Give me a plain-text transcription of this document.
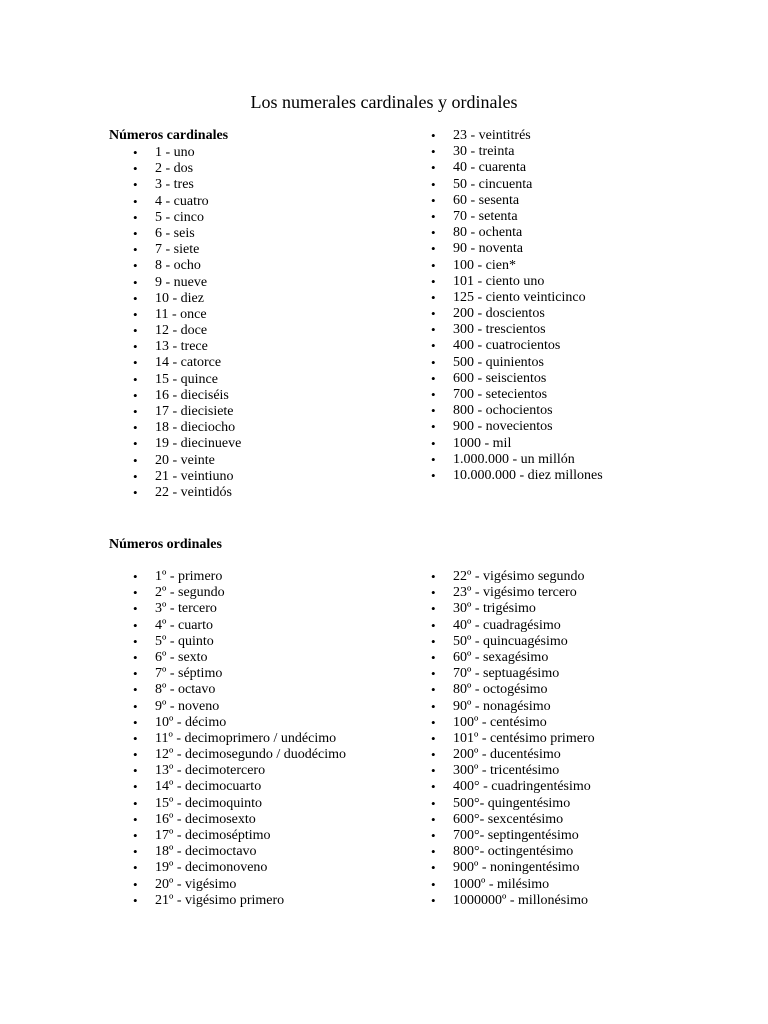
Los numerales cardinales y ordinales
Números cardinales
• 1 - uno
• 2 - dos
• 3 - tres
• 4 - cuatro
• 5 - cinco
• 6 - seis
• 7 - siete
• 8 - ocho
• 9 - nueve
• 10 - diez
• 11 - once
• 12 - doce
• 13 - trece
• 14 - catorce
• 15 - quince
• 16 - dieciséis
• 17 - diecisiete
• 18 - dieciocho
• 19 - diecinueve
• 20 - veinte
• 21 - veintiuno
• 22 - veintidós
• 23 - veintitrés
• 30 - treinta
• 40 - cuarenta
• 50 - cincuenta
• 60 - sesenta
• 70 - setenta
• 80 - ochenta
• 90 - noventa
• 100 - cien*
• 101 - ciento uno
• 125 - ciento veinticinco
• 200 - doscientos
• 300 - trescientos
• 400 - cuatrocientos
• 500 - quinientos
• 600 - seiscientos
• 700 - setecientos
• 800 - ochocientos
• 900 - novecientos
• 1000 - mil
• 1.000.000 - un millón
• 10.000.000 - diez millones
Números ordinales
• 1º - primero
• 2º - segundo
• 3º - tercero
• 4º - cuarto
• 5º - quinto
• 6º - sexto
• 7º - séptimo
• 8º - octavo
• 9º - noveno
• 10º - décimo
• 11º - decimoprimero / undécimo
• 12º - decimosegundo / duodécimo
• 13º - decimotercero
• 14º - decimocuarto
• 15º - decimoquinto
• 16º - decimosexto
• 17º - decimoséptimo
• 18º - decimoctavo
• 19º - decimonoveno
• 20º - vigésimo
• 21º - vigésimo primero
• 22º - vigésimo segundo
• 23º - vigésimo tercero
• 30º - trigésimo
• 40º - cuadragésimo
• 50º - quincuagésimo
• 60º - sexagésimo
• 70º - septuagésimo
• 80º - octogésimo
• 90º - nonagésimo
• 100º - centésimo
• 101º - centésimo primero
• 200º - ducentésimo
• 300º - tricentésimo
• 400° - cuadringentésimo
• 500°- quingentésimo
• 600°- sexcentésimo
• 700°- septingentésimo
• 800°- octingentésimo
• 900º - noningentésimo
• 1000º - milésimo
• 1000000º - millonésimo
